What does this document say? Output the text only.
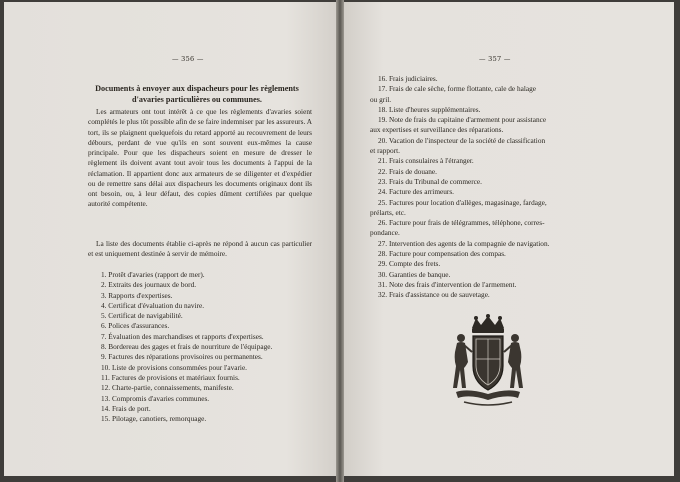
— 356 —
Documents à envoyer aux dispacheurs pour les règlements
d'avaries particulières ou communes.

Les armateurs ont tout intérêt à ce que les règlements d'avaries soient complétés le plus tôt possible afin de se faire indemniser par les assureurs. A tort, ils se plaignent quelquefois du retard apporté au recouvrement de leurs débours, perdant de vue qu'ils en sont souvent eux-mêmes la cause principale. Pour que les dispacheurs soient en mesure de dresser le règlement ils doivent avant tout avoir tous les documents à l'appui de la réclamation. Il appartient donc aux armateurs de se diligenter et d'expédier ou de remettre sans délai aux dispacheurs les documents originaux dont ils ont besoin, ou, à leur défaut, des copies dûment certifiées par quelque autorité compétente.

La liste des documents établie ci-après ne répond à aucun cas particulier et est uniquement destinée à servir de mémoire.

1. Protêt d'avaries (rapport de mer).
2. Extraits des journaux de bord.
3. Rapports d'expertises.
4. Certificat d'évaluation du navire.
5. Certificat de navigabilité.
6. Polices d'assurances.
7. Évaluation des marchandises et rapports d'expertises.
8. Bordereau des gages et frais de nourriture de l'équipage.
9. Factures des réparations provisoires ou permanentes.
10. Liste de provisions consommées pour l'avarie.
11. Factures de provisions et matériaux fournis.
12. Charte-partie, connaissements, manifeste.
13. Compromis d'avaries communes.
14. Frais de port.
15. Pilotage, canotiers, remorquage.
— 357 —
16. Frais judiciaires.
17. Frais de cale sèche, forme flottante, cale de halage
ou gril.
18. Liste d'heures supplémentaires.
19. Note de frais du capitaine d'armement pour assistance
aux expertises et surveillance des réparations.
20. Vacation de l'inspecteur de la société de classification
et rapport.
21. Frais consulaires à l'étranger.
22. Frais de douane.
23. Frais du Tribunal de commerce.
24. Facture des arrimeurs.
25. Factures pour location d'allèges, magasinage, fardage,
prélarts, etc.
26. Facture pour frais de télégrammes, téléphone, corres-
pondance.
27. Intervention des agents de la compagnie de navigation.
28. Facture pour compensation des compas.
29. Compte des frets.
30. Garanties de banque.
31. Note des frais d'intervention de l'armement.
32. Frais d'assistance ou de sauvetage.
